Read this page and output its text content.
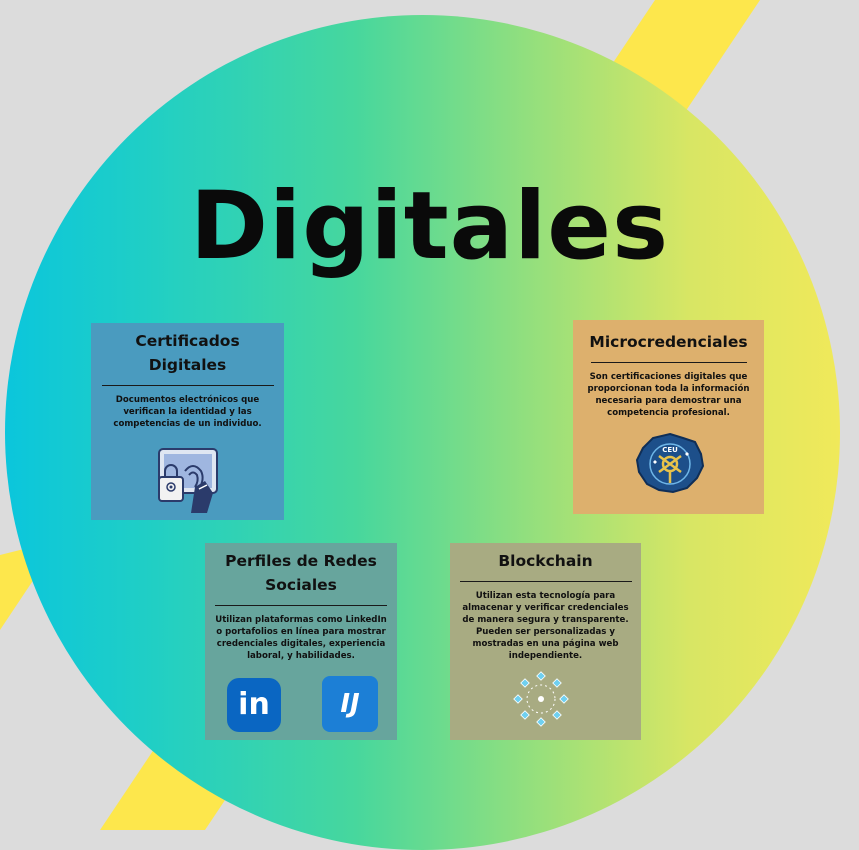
Digitales
Certificados Digitales

Documentos electrónicos que verifican la identidad y las competencias de un individuo.

Microcredenciales

Son certificaciones digitales que proporcionan toda la información necesaria para demostrar una competencia profesional.

CEU
Perfiles de Redes Sociales

Utilizan plataformas como LinkedIn o portafolios en línea para mostrar credenciales digitales, experiencia laboral, y habilidades.

in	IJ
Blockchain

Utilizan esta tecnología para almacenar y verificar credenciales de manera segura y transparente. Pueden ser personalizadas y mostradas en una página web independiente.
